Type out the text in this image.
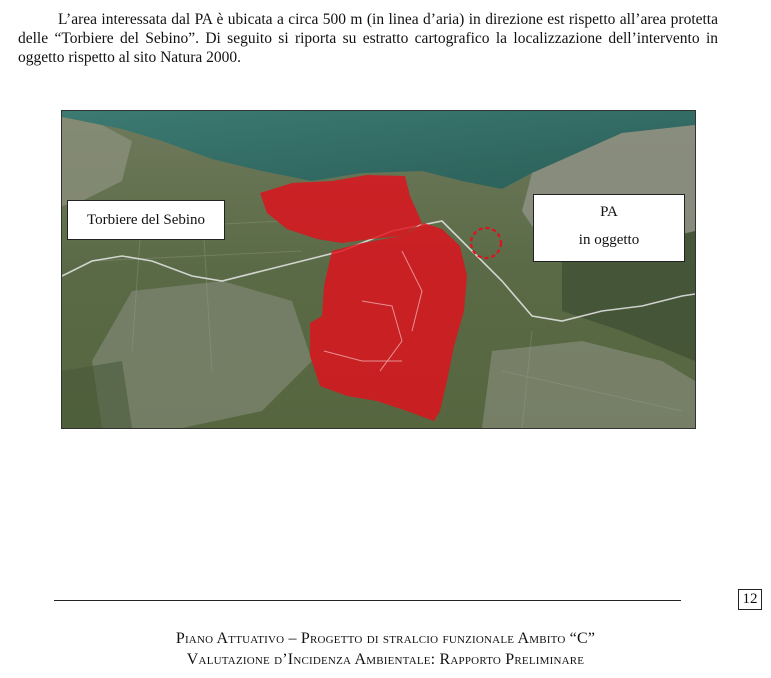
L’area interessata dal PA è ubicata a circa 500 m (in linea d’aria) in direzione est rispetto all’area protetta delle “Torbiere del Sebino”. Di seguito si riporta su estratto cartografico la localizzazione dell’intervento in oggetto rispetto al sito Natura 2000.
Torbiere del Sebino	PA
in oggetto
12
Piano Attuativo – Progetto di stralcio funzionale Ambito “C”
Valutazione d’Incidenza Ambientale: Rapporto Preliminare
